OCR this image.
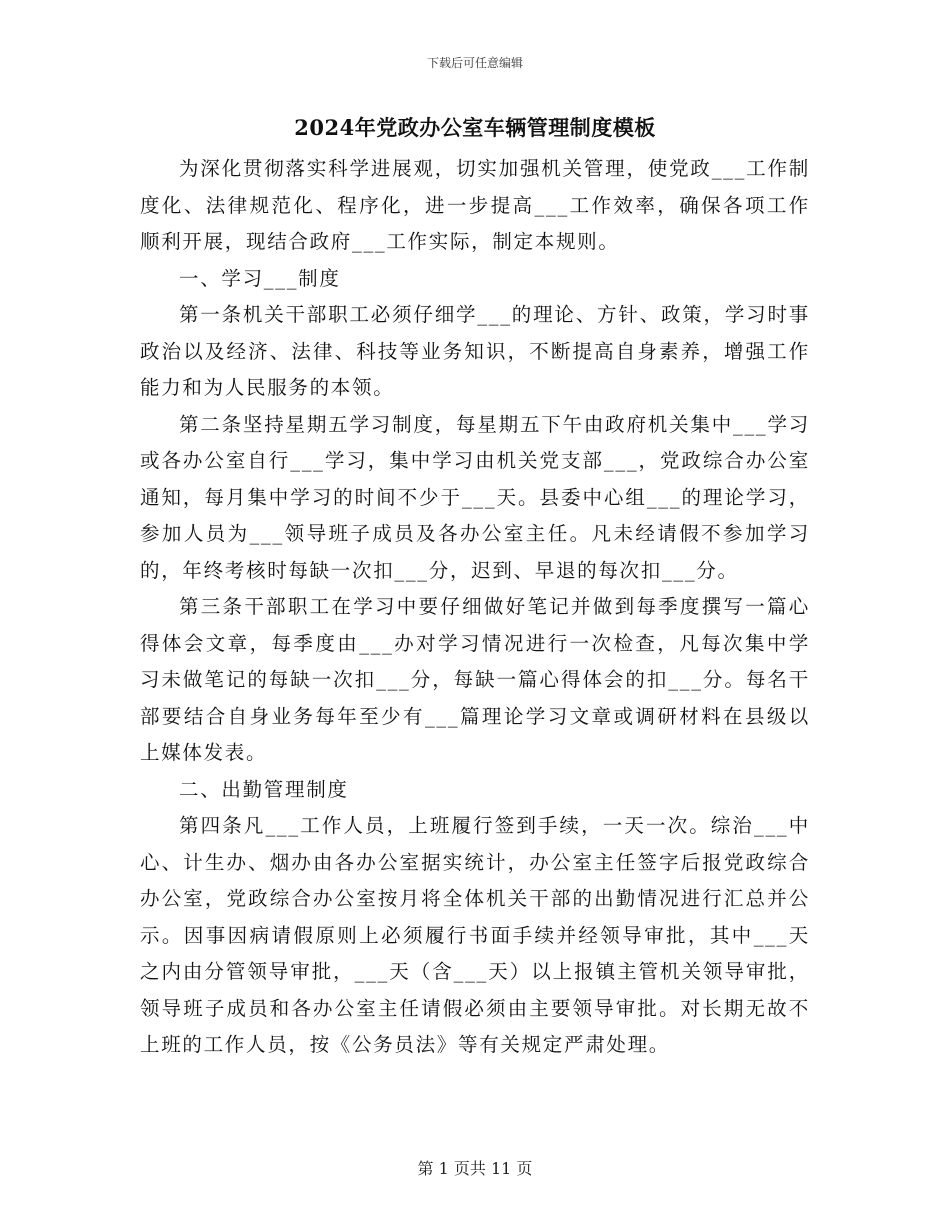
下载后可任意编辑
2024年党政办公室车辆管理制度模板

为深化贯彻落实科学进展观，切实加强机关管理，使党政___工作制度化、法律规范化、程序化，进一步提高___工作效率，确保各项工作顺利开展，现结合政府___工作实际，制定本规则。

一、学习___制度

第一条机关干部职工必须仔细学___的理论、方针、政策，学习时事政治以及经济、法律、科技等业务知识，不断提高自身素养，增强工作能力和为人民服务的本领。

第二条坚持星期五学习制度，每星期五下午由政府机关集中___学习或各办公室自行___学习，集中学习由机关党支部___，党政综合办公室通知，每月集中学习的时间不少于___天。县委中心组___的理论学习，参加人员为___领导班子成员及各办公室主任。凡未经请假不参加学习的，年终考核时每缺一次扣___分，迟到、早退的每次扣___分。

第三条干部职工在学习中要仔细做好笔记并做到每季度撰写一篇心得体会文章，每季度由___办对学习情况进行一次检查，凡每次集中学习未做笔记的每缺一次扣___分，每缺一篇心得体会的扣___分。每名干部要结合自身业务每年至少有___篇理论学习文章或调研材料在县级以上媒体发表。

二、出勤管理制度

第四条凡___工作人员，上班履行签到手续，一天一次。综治___中心、计生办、烟办由各办公室据实统计，办公室主任签字后报党政综合办公室，党政综合办公室按月将全体机关干部的出勤情况进行汇总并公示。因事因病请假原则上必须履行书面手续并经领导审批，其中___天之内由分管领导审批，___天（含___天）以上报镇主管机关领导审批，领导班子成员和各办公室主任请假必须由主要领导审批。对长期无故不上班的工作人员，按《公务员法》等有关规定严肃处理。

第 1 页共 11 页
